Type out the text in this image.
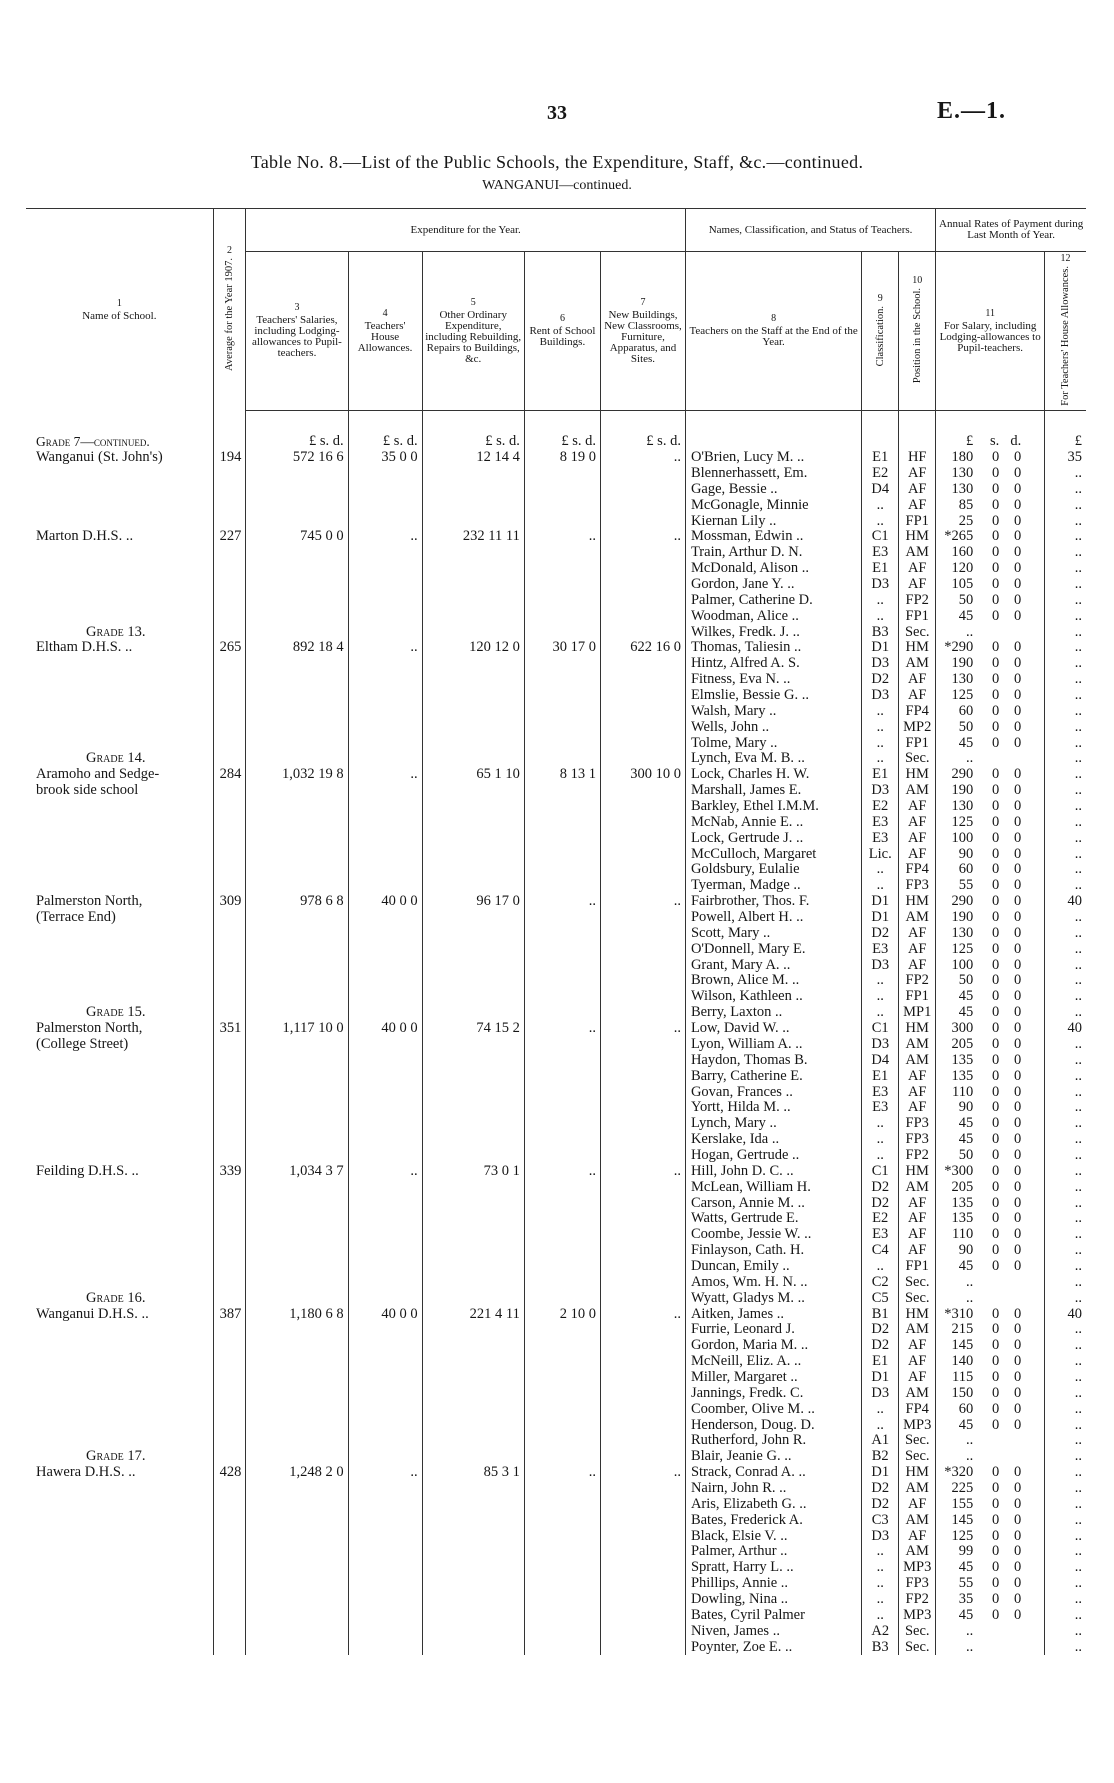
33	E.—1.
Table No. 8.—List of the Public Schools, the Expenditure, Staff, &c.—continued.
WANGANUI—continued.
1
Name of School.	2
Average for the Year 1907.	Expenditure for the Year.					Names, Classification, and Status of Teachers.			Annual Rates of Payment during Last Month of Year.	

		3
Teachers' Salaries, including Lodging-allowances to Pupil-teachers.	4
Teachers' House Allowances.	5
Other Ordinary Expenditure, including Rebuilding, Repairs to Buildings, &c.	6
Rent of School Buildings.	7
New Buildings, New Classrooms, Furniture, Apparatus, and Sites.	8
Teachers on the Staff at the End of the Year.	9
Classification.	10
Position in the School.	11
For Salary, including Lodging-allowances to Pupil-teachers.	12
For Teachers' House Allowances.

Grade 7—continued.		£ s. d.	£ s. d.	£ s. d.	£ s. d.	£ s. d.				£ s. d.	£
Wanganui (St. John's)	194	572 16 6	35 0 0	12 14 4	8 19 0	..	O'Brien, Lucy M. ..	E1	HF	180 0 0	35
							Blennerhassett, Em.	E2	AF	130 0 0	..
							Gage, Bessie ..	D4	AF	130 0 0	..
							McGonagle, Minnie	..	AF	85 0 0	..
							Kiernan Lily ..	..	FP1	25 0 0	..
Marton D.H.S. ..	227	745 0 0	..	232 11 11	..	..	Mossman, Edwin ..	C1	HM	*265 0 0	..
							Train, Arthur D. N.	E3	AM	160 0 0	..
							McDonald, Alison ..	E1	AF	120 0 0	..
							Gordon, Jane Y. ..	D3	AF	105 0 0	..
							Palmer, Catherine D.	..	FP2	50 0 0	..
							Woodman, Alice ..	..	FP1	45 0 0	..
Grade 13.							Wilkes, Fredk. J. ..	B3	Sec.	..	..
Eltham D.H.S. ..	265	892 18 4	..	120 12 0	30 17 0	622 16 0	Thomas, Taliesin ..	D1	HM	*290 0 0	..
							Hintz, Alfred A. S.	D3	AM	190 0 0	..
							Fitness, Eva N. ..	D2	AF	130 0 0	..
							Elmslie, Bessie G. ..	D3	AF	125 0 0	..
							Walsh, Mary ..	..	FP4	60 0 0	..
							Wells, John ..	..	MP2	50 0 0	..
							Tolme, Mary ..	..	FP1	45 0 0	..
Grade 14.							Lynch, Eva M. B. ..	..	Sec.	..	..
Aramoho and Sedge-	284	1,032 19 8	..	65 1 10	8 13 1	300 10 0	Lock, Charles H. W.	E1	HM	290 0 0	..
brook side school							Marshall, James E.	D3	AM	190 0 0	..
							Barkley, Ethel I.M.M.	E2	AF	130 0 0	..
							McNab, Annie E. ..	E3	AF	125 0 0	..
							Lock, Gertrude J. ..	E3	AF	100 0 0	..
							McCulloch, Margaret	Lic.	AF	90 0 0	..
							Goldsbury, Eulalie	..	FP4	60 0 0	..
							Tyerman, Madge ..	..	FP3	55 0 0	..
Palmerston North,	309	978 6 8	40 0 0	96 17 0	..	..	Fairbrother, Thos. F.	D1	HM	290 0 0	40
(Terrace End)							Powell, Albert H. ..	D1	AM	190 0 0	..
							Scott, Mary ..	D2	AF	130 0 0	..
							O'Donnell, Mary E.	E3	AF	125 0 0	..
							Grant, Mary A. ..	D3	AF	100 0 0	..
							Brown, Alice M. ..	..	FP2	50 0 0	..
							Wilson, Kathleen ..	..	FP1	45 0 0	..
Grade 15.							Berry, Laxton ..	..	MP1	45 0 0	..
Palmerston North,	351	1,117 10 0	40 0 0	74 15 2	..	..	Low, David W. ..	C1	HM	300 0 0	40
(College Street)							Lyon, William A. ..	D3	AM	205 0 0	..
							Haydon, Thomas B.	D4	AM	135 0 0	..
							Barry, Catherine E.	E1	AF	135 0 0	..
							Govan, Frances ..	E3	AF	110 0 0	..
							Yortt, Hilda M. ..	E3	AF	90 0 0	..
							Lynch, Mary ..	..	FP3	45 0 0	..
							Kerslake, Ida ..	..	FP3	45 0 0	..
							Hogan, Gertrude ..	..	FP2	50 0 0	..
Feilding D.H.S. ..	339	1,034 3 7	..	73 0 1	..	..	Hill, John D. C. ..	C1	HM	*300 0 0	..
							McLean, William H.	D2	AM	205 0 0	..
							Carson, Annie M. ..	D2	AF	135 0 0	..
							Watts, Gertrude E.	E2	AF	135 0 0	..
							Coombe, Jessie W. ..	E3	AF	110 0 0	..
							Finlayson, Cath. H.	C4	AF	90 0 0	..
							Duncan, Emily ..	..	FP1	45 0 0	..
							Amos, Wm. H. N. ..	C2	Sec.	..	..
Grade 16.							Wyatt, Gladys M. ..	C5	Sec.	..	..
Wanganui D.H.S. ..	387	1,180 6 8	40 0 0	221 4 11	2 10 0	..	Aitken, James ..	B1	HM	*310 0 0	40
							Furrie, Leonard J.	D2	AM	215 0 0	..
							Gordon, Maria M. ..	D2	AF	145 0 0	..
							McNeill, Eliz. A. ..	E1	AF	140 0 0	..
							Miller, Margaret ..	D1	AF	115 0 0	..
							Jannings, Fredk. C.	D3	AM	150 0 0	..
							Coomber, Olive M. ..	..	FP4	60 0 0	..
							Henderson, Doug. D.	..	MP3	45 0 0	..
							Rutherford, John R.	A1	Sec.	..	..
Grade 17.							Blair, Jeanie G. ..	B2	Sec.	..	..
Hawera D.H.S. ..	428	1,248 2 0	..	85 3 1	..	..	Strack, Conrad A. ..	D1	HM	*320 0 0	..
							Nairn, John R. ..	D2	AM	225 0 0	..
							Aris, Elizabeth G. ..	D2	AF	155 0 0	..
							Bates, Frederick A.	C3	AM	145 0 0	..
							Black, Elsie V. ..	D3	AF	125 0 0	..
							Palmer, Arthur ..	..	AM	99 0 0	..
							Spratt, Harry L. ..	..	MP3	45 0 0	..
							Phillips, Annie ..	..	FP3	55 0 0	..
							Dowling, Nina ..	..	FP2	35 0 0	..
							Bates, Cyril Palmer	..	MP3	45 0 0	..
							Niven, James ..	A2	Sec.	..	..
							Poynter, Zoe E. ..	B3	Sec.	..	..
